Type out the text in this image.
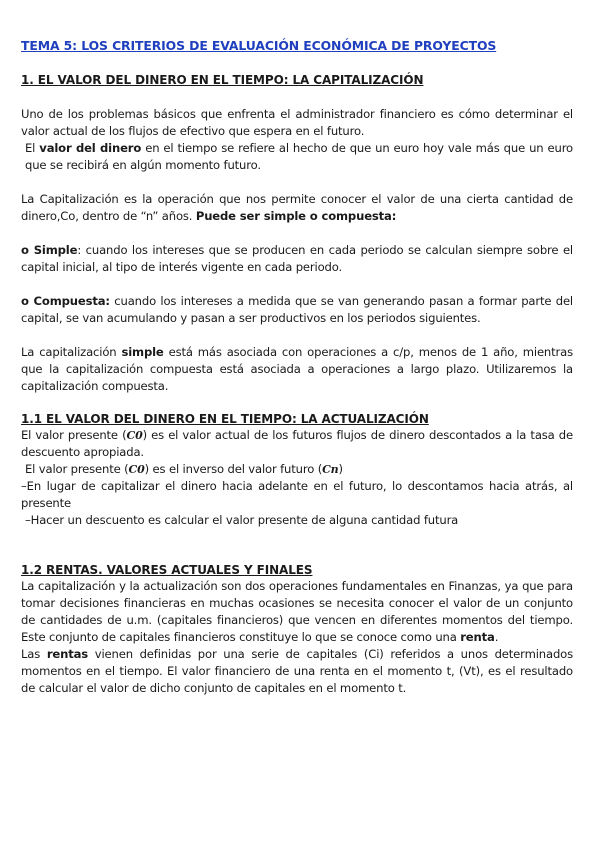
TEMA 5: LOS CRITERIOS DE EVALUACIÓN ECONÓMICA DE PROYECTOS

1. EL VALOR DEL DINERO EN EL TIEMPO: LA CAPITALIZACIÓN

Uno de los problemas básicos que enfrenta el administrador financiero es cómo determinar el valor actual de los flujos de efectivo que espera en el futuro.

El valor del dinero en el tiempo se refiere al hecho de que un euro hoy vale más que un euro que se recibirá en algún momento futuro.

La Capitalización es la operación que nos permite conocer el valor de una cierta cantidad de dinero,Co, dentro de “n” años. Puede ser simple o compuesta:

o Simple: cuando los intereses que se producen en cada periodo se calculan siempre sobre el capital inicial, al tipo de interés vigente en cada periodo.

o Compuesta: cuando los intereses a medida que se van generando pasan a formar parte del capital, se van acumulando y pasan a ser productivos en los periodos siguientes.

La capitalización simple está más asociada con operaciones a c/p, menos de 1 año, mientras que la capitalización compuesta está asociada a operaciones a largo plazo. Utilizaremos la capitalización compuesta.

1.1 EL VALOR DEL DINERO EN EL TIEMPO: LA ACTUALIZACIÓN

El valor presente (C0) es el valor actual de los futuros flujos de dinero descontados a la tasa de descuento apropiada.

El valor presente (C0) es el inverso del valor futuro (Cn)

–En lugar de capitalizar el dinero hacia adelante en el futuro, lo descontamos hacia atrás, al presente

–Hacer un descuento es calcular el valor presente de alguna cantidad futura

1.2 RENTAS. VALORES ACTUALES Y FINALES

La capitalización y la actualización son dos operaciones fundamentales en Finanzas, ya que para tomar decisiones financieras en muchas ocasiones se necesita conocer el valor de un conjunto de cantidades de u.m. (capitales financieros) que vencen en diferentes momentos del tiempo. Este conjunto de capitales financieros constituye lo que se conoce como una renta.

Las rentas vienen definidas por una serie de capitales (Ci) referidos a unos determinados momentos en el tiempo. El valor financiero de una renta en el momento t, (Vt), es el resultado de calcular el valor de dicho conjunto de capitales en el momento t.
